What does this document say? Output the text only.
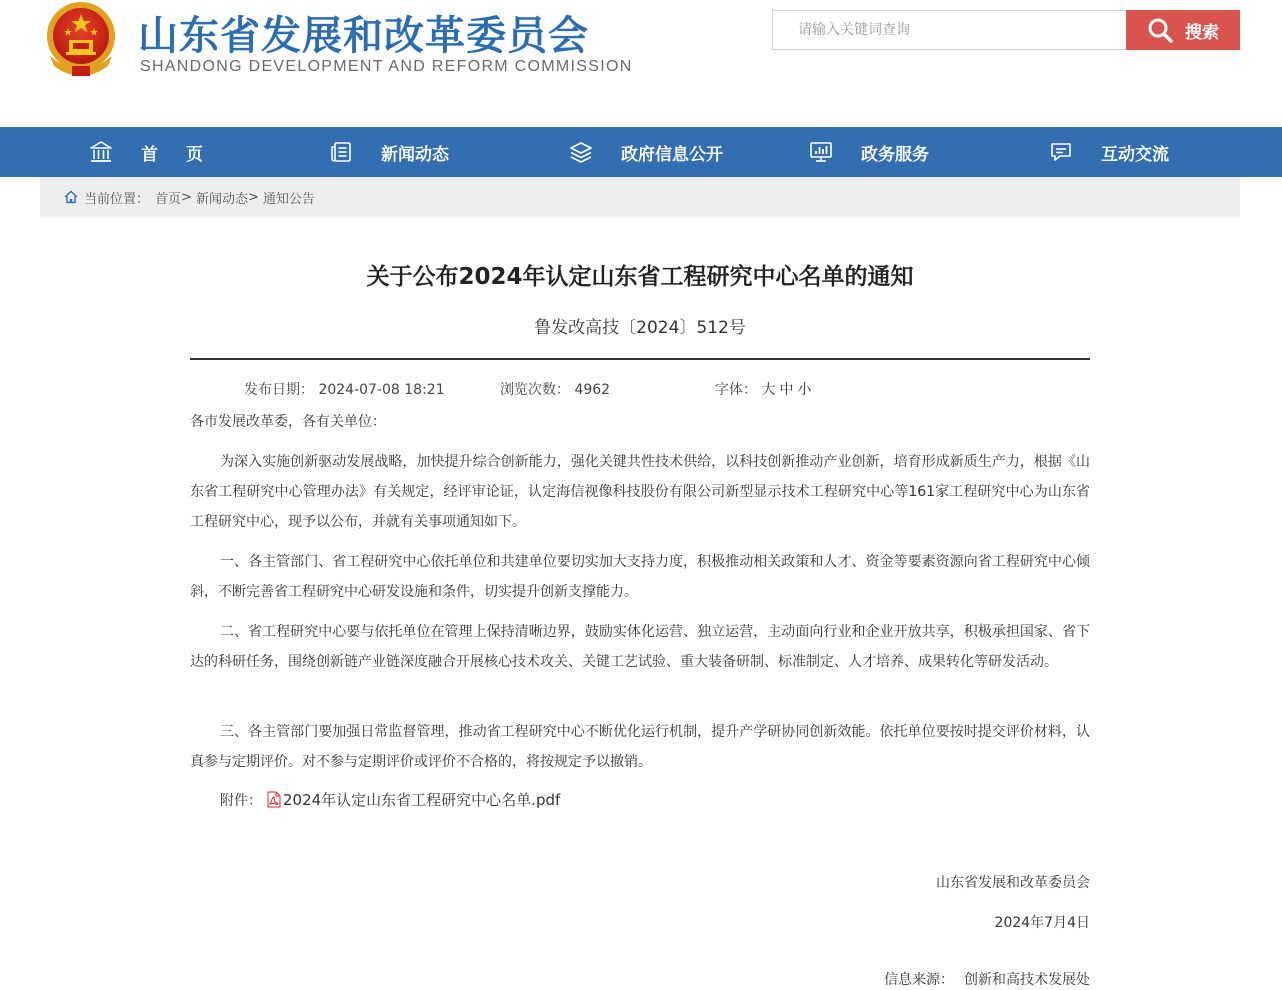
山东省发展和改革委员会
SHANDONG DEVELOPMENT AND REFORM COMMISSION
请输入关键词查询
搜索
首页	新闻动态	政府信息公开	政务服务	互动交流
当前位置： 首页 > 新闻动态 > 通知公告
关于公布2024年认定山东省工程研究中心名单的通知
鲁发改高技〔2024〕512号
发布日期： 2024-07-08 18:21	浏览次数： 4962	字体： 大 中 小

各市发展改革委，各有关单位：

为深入实施创新驱动发展战略，加快提升综合创新能力，强化关键共性技术供给，以科技创新推动产业创新，培育形成新质生产力，根据《山东省工程研究中心管理办法》有关规定，经评审论证，认定海信视像科技股份有限公司新型显示技术工程研究中心等161家工程研究中心为山东省工程研究中心，现予以公布，并就有关事项通知如下。

一、各主管部门、省工程研究中心依托单位和共建单位要切实加大支持力度，积极推动相关政策和人才、资金等要素资源向省工程研究中心倾斜，不断完善省工程研究中心研发设施和条件，切实提升创新支撑能力。

二、省工程研究中心要与依托单位在管理上保持清晰边界，鼓励实体化运营、独立运营，主动面向行业和企业开放共享，积极承担国家、省下达的科研任务，围绕创新链产业链深度融合开展核心技术攻关、关键工艺试验、重大装备研制、标准制定、人才培养、成果转化等研发活动。

三、各主管部门要加强日常监督管理，推动省工程研究中心不断优化运行机制，提升产学研协同创新效能。依托单位要按时提交评价材料，认真参与定期评价。对不参与定期评价或评价不合格的，将按规定予以撤销。

附件： 2024年认定山东省工程研究中心名单.pdf
山东省发展和改革委员会
2024年7月4日
信息来源： 创新和高技术发展处
